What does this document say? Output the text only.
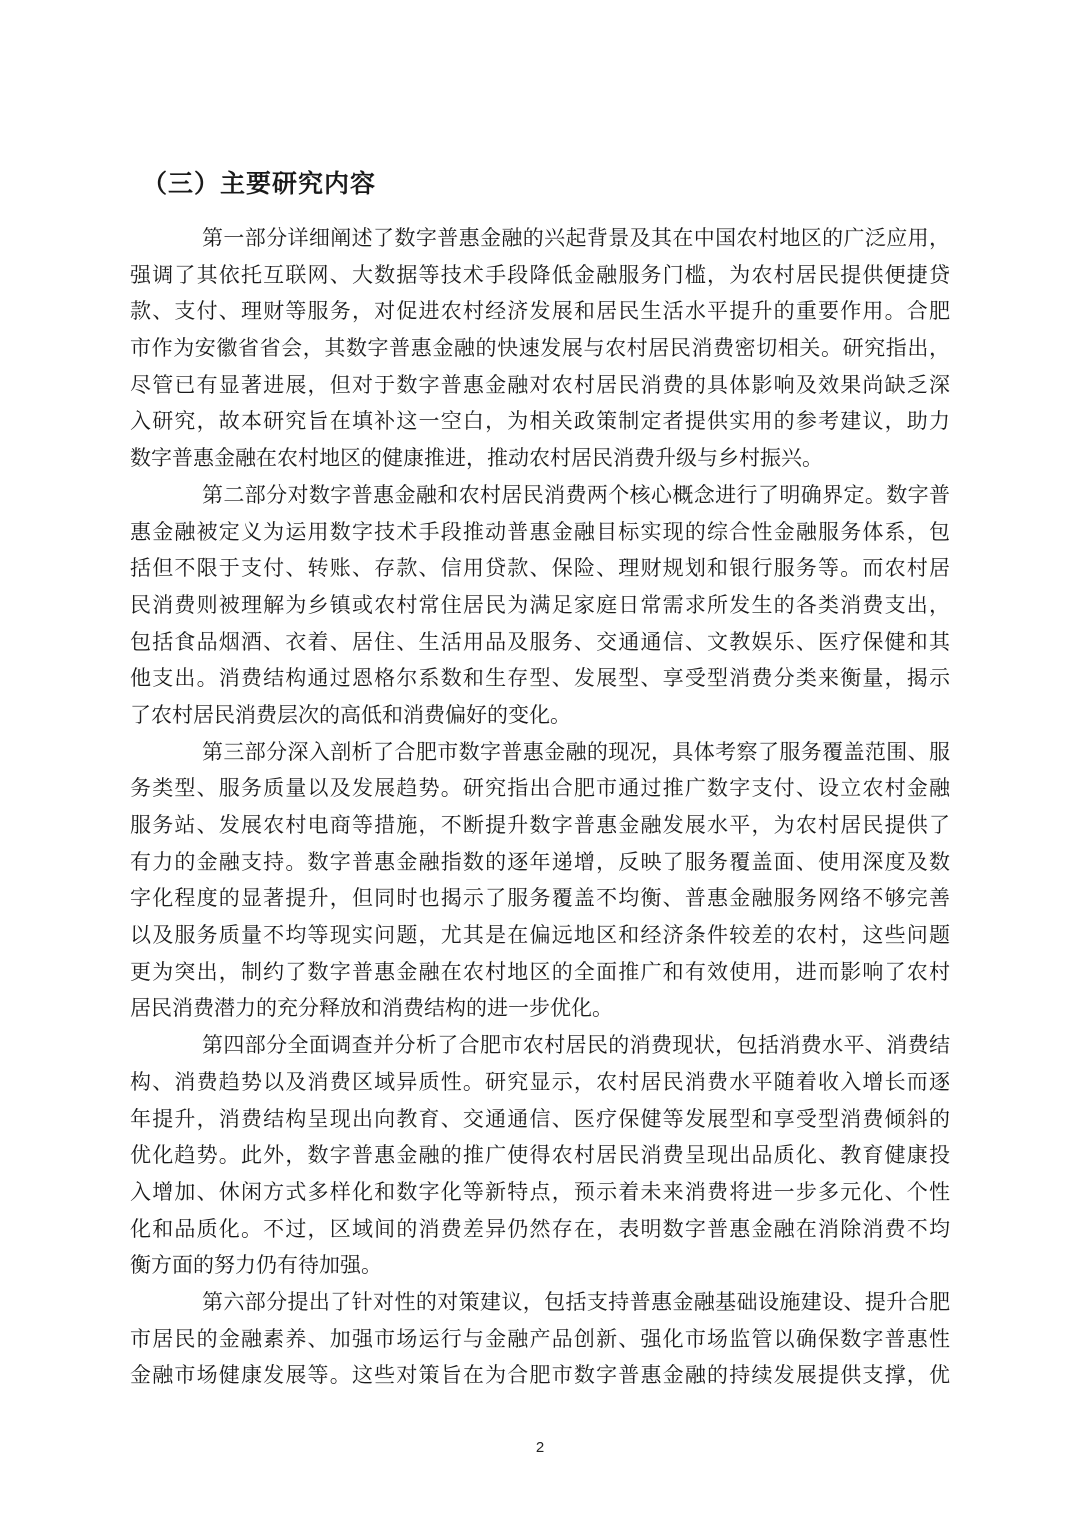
（三）主要研究内容
第一部分详细阐述了数字普惠金融的兴起背景及其在中国农村地区的广泛应用，
强调了其依托互联网、大数据等技术手段降低金融服务门槛，为农村居民提供便捷贷
款、支付、理财等服务，对促进农村经济发展和居民生活水平提升的重要作用。合肥
市作为安徽省省会，其数字普惠金融的快速发展与农村居民消费密切相关。研究指出，
尽管已有显著进展，但对于数字普惠金融对农村居民消费的具体影响及效果尚缺乏深
入研究，故本研究旨在填补这一空白，为相关政策制定者提供实用的参考建议，助力
数字普惠金融在农村地区的健康推进，推动农村居民消费升级与乡村振兴。
第二部分对数字普惠金融和农村居民消费两个核心概念进行了明确界定。数字普
惠金融被定义为运用数字技术手段推动普惠金融目标实现的综合性金融服务体系，包
括但不限于支付、转账、存款、信用贷款、保险、理财规划和银行服务等。而农村居
民消费则被理解为乡镇或农村常住居民为满足家庭日常需求所发生的各类消费支出，
包括食品烟酒、衣着、居住、生活用品及服务、交通通信、文教娱乐、医疗保健和其
他支出。消费结构通过恩格尔系数和生存型、发展型、享受型消费分类来衡量，揭示
了农村居民消费层次的高低和消费偏好的变化。
第三部分深入剖析了合肥市数字普惠金融的现况，具体考察了服务覆盖范围、服
务类型、服务质量以及发展趋势。研究指出合肥市通过推广数字支付、设立农村金融
服务站、发展农村电商等措施，不断提升数字普惠金融发展水平，为农村居民提供了
有力的金融支持。数字普惠金融指数的逐年递增，反映了服务覆盖面、使用深度及数
字化程度的显著提升，但同时也揭示了服务覆盖不均衡、普惠金融服务网络不够完善
以及服务质量不均等现实问题，尤其是在偏远地区和经济条件较差的农村，这些问题
更为突出，制约了数字普惠金融在农村地区的全面推广和有效使用，进而影响了农村
居民消费潜力的充分释放和消费结构的进一步优化。
第四部分全面调查并分析了合肥市农村居民的消费现状，包括消费水平、消费结
构、消费趋势以及消费区域异质性。研究显示，农村居民消费水平随着收入增长而逐
年提升，消费结构呈现出向教育、交通通信、医疗保健等发展型和享受型消费倾斜的
优化趋势。此外，数字普惠金融的推广使得农村居民消费呈现出品质化、教育健康投
入增加、休闲方式多样化和数字化等新特点，预示着未来消费将进一步多元化、个性
化和品质化。不过，区域间的消费差异仍然存在，表明数字普惠金融在消除消费不均
衡方面的努力仍有待加强。
第六部分提出了针对性的对策建议，包括支持普惠金融基础设施建设、提升合肥
市居民的金融素养、加强市场运行与金融产品创新、强化市场监管以确保数字普惠性
金融市场健康发展等。这些对策旨在为合肥市数字普惠金融的持续发展提供支撑，优
2
